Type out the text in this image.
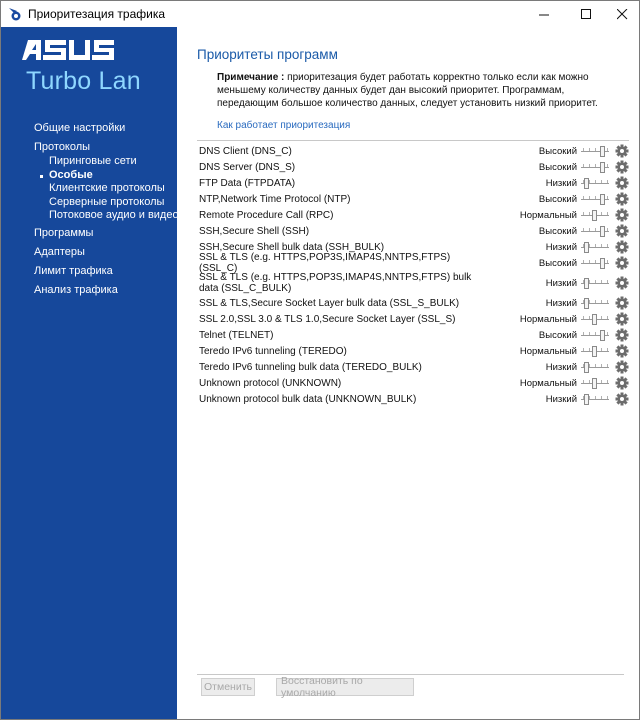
Приоритезация трафика
Turbo Lan
Общие настройки
Протоколы
Пиринговые сети
Особые
Клиентские протоколы
Серверные протоколы
Потоковое аудио и видео
Программы
Адаптеры
Лимит трафика
Анализ трафика
Приоритеты программ
Примечание : приоритезация будет работать корректно только если как можно меньшему количеству данных будет дан высокий приоритет. Программам, передающим большое количество данных, следует установить низкий приоритет.
Как работает приоритезация
DNS Client (DNS_C)	Высокий
DNS Server (DNS_S)	Высокий
FTP Data (FTPDATA)	Низкий
NTP,Network Time Protocol (NTP)	Высокий
Remote Procedure Call (RPC)	Нормальный
SSH,Secure Shell (SSH)	Высокий
SSH,Secure Shell bulk data (SSH_BULK)	Низкий
SSL & TLS (e.g. HTTPS,POP3S,IMAP4S,NNTPS,FTPS) (SSL_C)	Высокий
SSL & TLS (e.g. HTTPS,POP3S,IMAP4S,NNTPS,FTPS) bulk data (SSL_C_BULK)	Низкий
SSL & TLS,Secure Socket Layer bulk data (SSL_S_BULK)	Низкий
SSL 2.0,SSL 3.0 & TLS 1.0,Secure Socket Layer (SSL_S)	Нормальный
Telnet (TELNET)	Высокий
Teredo IPv6 tunneling (TEREDO)	Нормальный
Teredo IPv6 tunneling bulk data (TEREDO_BULK)	Низкий
Unknown protocol (UNKNOWN)	Нормальный
Unknown protocol bulk data (UNKNOWN_BULK)	Низкий
Отменить	Восстановить по умолчанию
